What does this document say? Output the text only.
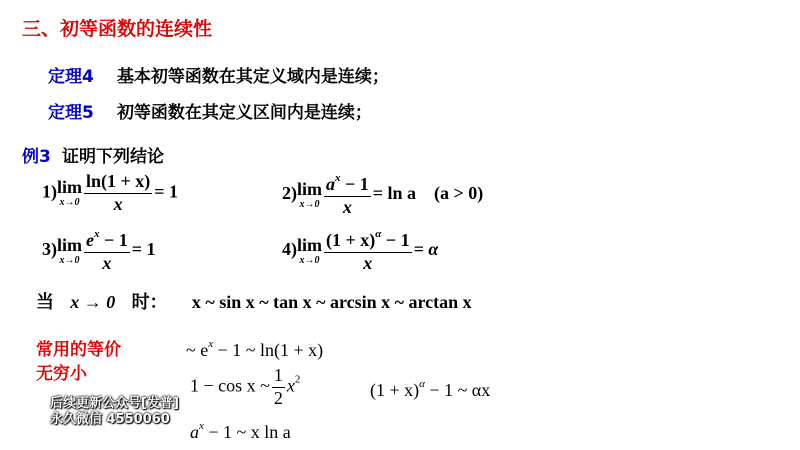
三、初等函数的连续性
定理4 基本初等函数在其定义域内是连续；
定理5 初等函数在其定义区间内是连续；
例3 证明下列结论
1) lim
$x\to 0 \frac{\ln(1 + x)}{x} = 1$	2) lim
$x\to 0 \frac{a^x - 1}{x} = \ln a$ (a > 0)
3) lim
$x\to 0 \frac{e^x - 1}{x} = 1$	4) lim
$x\to 0 \frac{(1 + x)^\alpha - 1}{x} = \alpha$
当 x → 0 时： x ~ sin x ~ tan x ~ arcsin x ~ arctan x
常用的等价无穷小
~ $e^x - 1$ ~ ln(1 + x)
1 − cos x ~ $\frac{1}{2} x^2$
$(1 + x)^\alpha - 1$ ~ αx
$a^x - 1$ ~ x ln a
后续更新公众号[发普]
永久微信 4550060
